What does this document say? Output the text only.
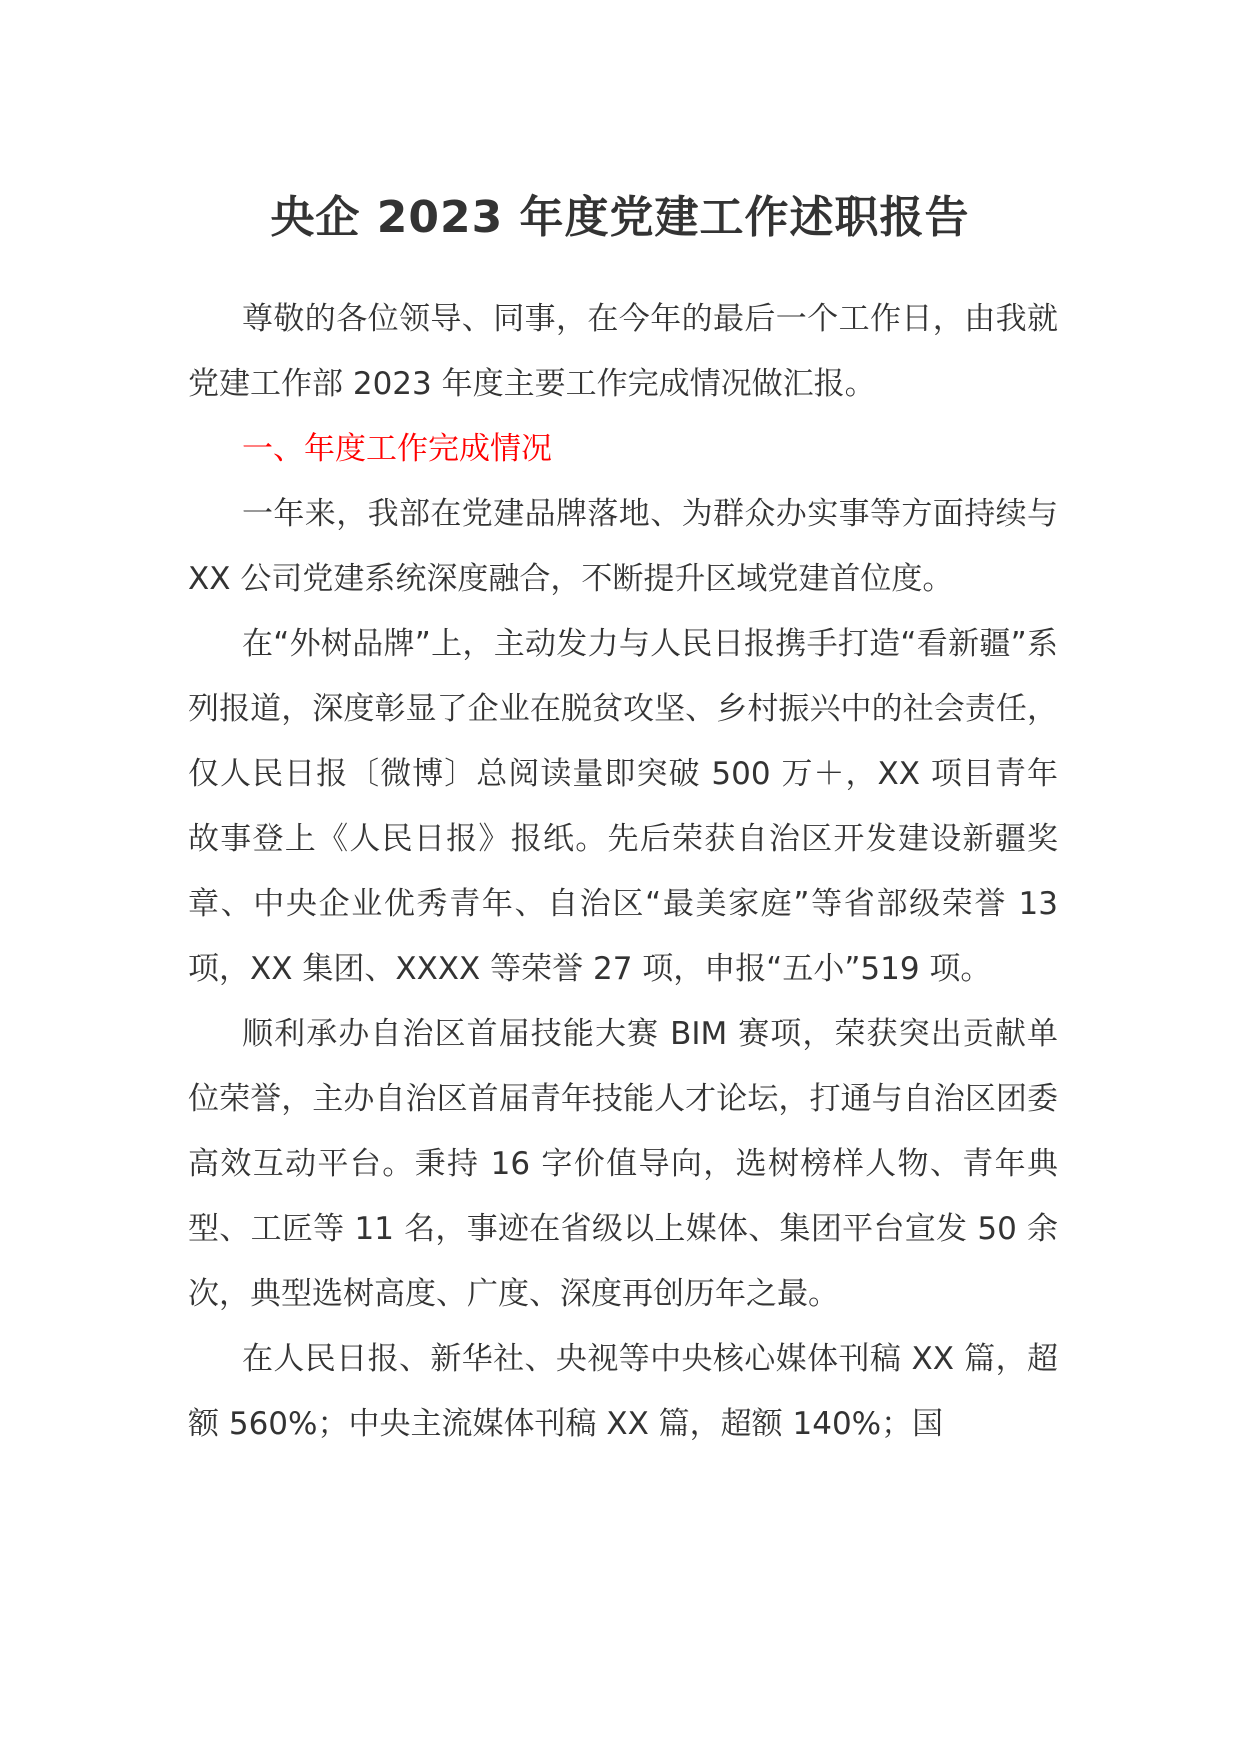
央企 2023 年度党建工作述职报告

尊敬的各位领导、同事，在今年的最后一个工作日，由我就党建工作部 2023 年度主要工作完成情况做汇报。

一、年度工作完成情况

一年来，我部在党建品牌落地、为群众办实事等方面持续与 XX 公司党建系统深度融合，不断提升区域党建首位度。

在“外树品牌”上，主动发力与人民日报携手打造“看新疆”系列报道，深度彰显了企业在脱贫攻坚、乡村振兴中的社会责任，仅人民日报〔微博〕总阅读量即突破 500 万＋，XX 项目青年故事登上《人民日报》报纸。先后荣获自治区开发建设新疆奖章、中央企业优秀青年、自治区“最美家庭”等省部级荣誉 13 项，XX 集团、XXXX 等荣誉 27 项，申报“五小”519 项。

顺利承办自治区首届技能大赛 BIM 赛项，荣获突出贡献单位荣誉，主办自治区首届青年技能人才论坛，打通与自治区团委高效互动平台。秉持 16 字价值导向，选树榜样人物、青年典型、工匠等 11 名，事迹在省级以上媒体、集团平台宣发 50 余次，典型选树高度、广度、深度再创历年之最。

在人民日报、新华社、央视等中央核心媒体刊稿 XX 篇，超额 560%；中央主流媒体刊稿 XX 篇，超额 140%；国
